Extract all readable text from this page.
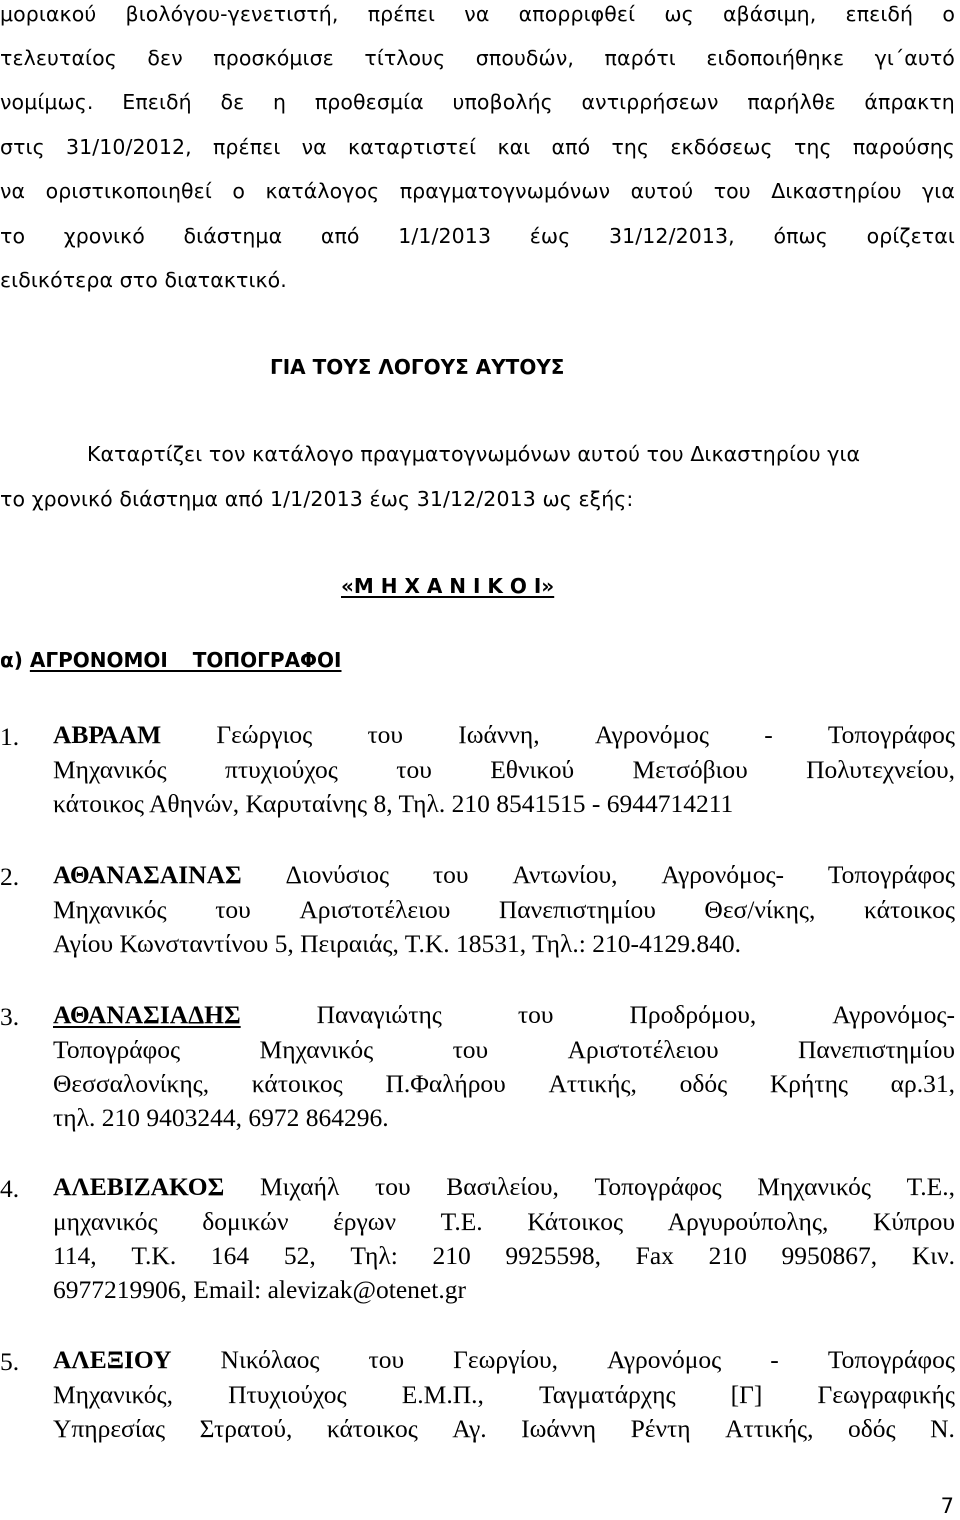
μοριακού βιολόγου-γενετιστή, πρέπει να απορριφθεί ως αβάσιμη, επειδή ο
τελευταίος δεν προσκόμισε τίτλους σπουδών, παρότι ειδοποιήθηκε γι΄αυτό
νομίμως. Επειδή δε η προθεσμία υποβολής αντιρρήσεων παρήλθε άπρακτη
στις 31/10/2012, πρέπει να καταρτιστεί και από της εκδόσεως της παρούσης
να οριστικοποιηθεί ο κατάλογος πραγματογνωμόνων αυτού του Δικαστηρίου για
το χρονικό διάστημα από 1/1/2013 έως 31/12/2013, όπως ορίζεται
ειδικότερα στο διατακτικό.
ΓΙΑ ΤΟΥΣ ΛΟΓΟΥΣ ΑΥΤΟΥΣ
Καταρτίζει τον κατάλογο πραγματογνωμόνων αυτού του Δικαστηρίου για
το χρονικό διάστημα από 1/1/2013 έως 31/12/2013 ως εξής:
«Μ Η Χ Α Ν Ι Κ Ο Ι»
α) ΑΓΡΟΝΟΜΟΙ ΤΟΠΟΓΡΑΦΟΙ
1. ΑΒΡΑΑΜ Γεώργιος του Ιωάννη, Αγρονόμος - Τοπογράφος
Μηχανικός πτυχιούχος του Εθνικού Μετσόβιου Πολυτεχνείου,
κάτοικος Αθηνών, Καρυταίνης 8, Τηλ. 210 8541515 - 6944714211
2. ΑΘΑΝΑΣΑΙΝΑΣ Διονύσιος του Αντωνίου, Αγρονόμος- Τοπογράφος
Μηχανικός του Αριστοτέλειου Πανεπιστημίου Θεσ/νίκης, κάτοικος
Αγίου Κωνσταντίνου 5, Πειραιάς, Τ.Κ. 18531, Τηλ.: 210-4129.840.
3. ΑΘΑΝΑΣΙΑΔΗΣ	Παναγιώτης	του	Προδρόμου,	Αγρονόμος-
Τοπογράφος	Μηχανικός	του	Αριστοτέλειου	Πανεπιστημίου
Θεσσαλονίκης, κάτοικος Π.Φαλήρου Αττικής, οδός Κρήτης αρ.31,
τηλ. 210 9403244, 6972 864296.
4. ΑΛΕΒΙΖΑΚΟΣ Μιχαήλ του Βασιλείου, Τοπογράφος Μηχανικός Τ.Ε.,
μηχανικός δομικών έργων Τ.Ε. Κάτοικος Αργυρούπολης, Κύπρου
114, Τ.Κ. 164 52, Τηλ: 210 9925598, Fax 210 9950867, Κιν.
6977219906, Email: alevizak@otenet.gr
5. ΑΛΕΞΙΟΥ Νικόλαος του Γεωργίου, Αγρονόμος - Τοπογράφος
Μηχανικός, Πτυχιούχος Ε.Μ.Π., Ταγματάρχης [Γ] Γεωγραφικής
Υπηρεσίας Στρατού, κάτοικος Αγ. Ιωάννη Ρέντη Αττικής, οδός Ν.
7
